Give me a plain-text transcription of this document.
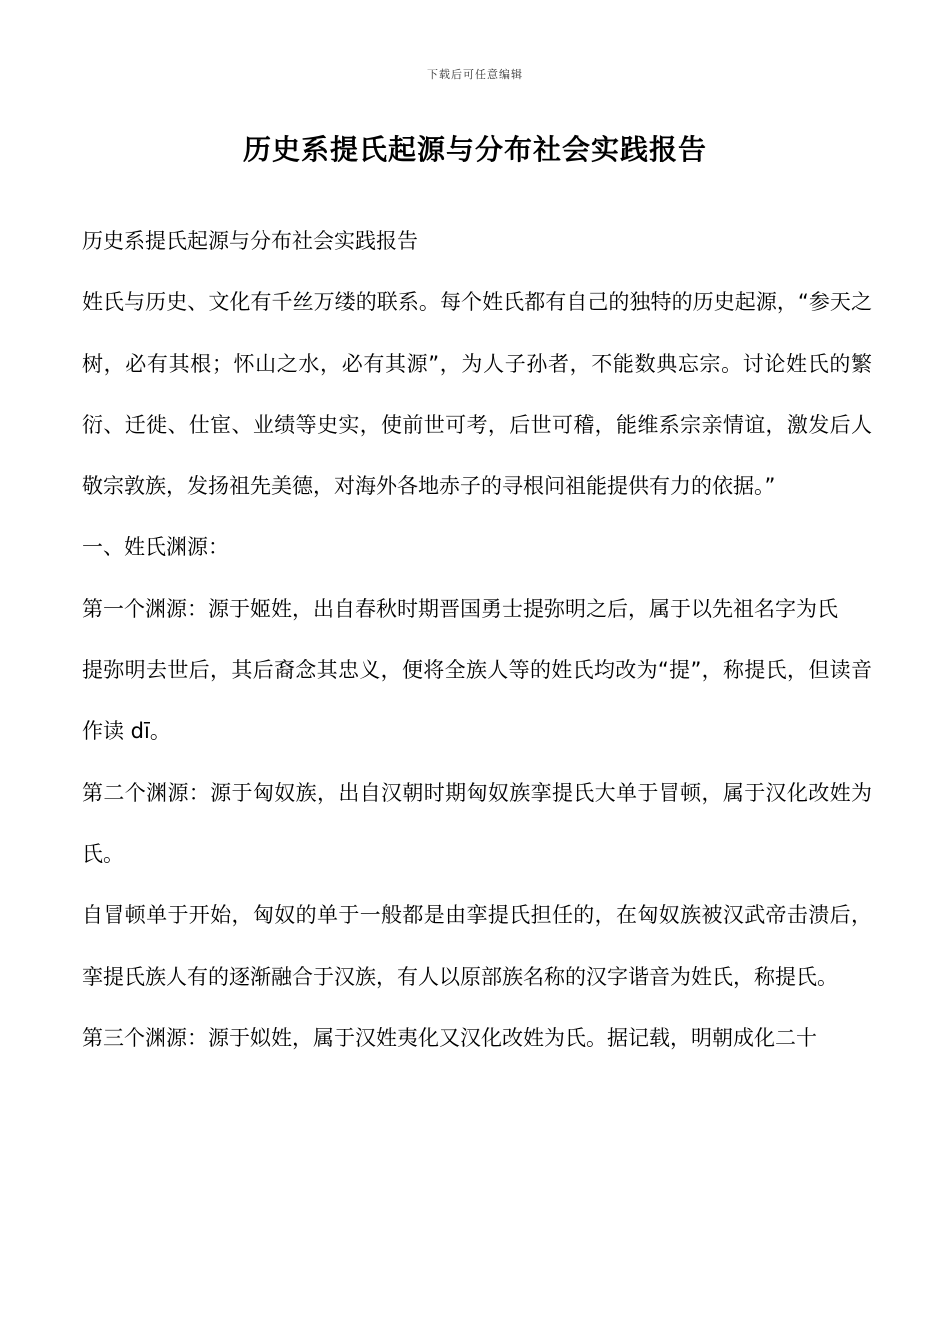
下载后可任意编辑
历史系提氏起源与分布社会实践报告

历史系提氏起源与分布社会实践报告

姓氏与历史、文化有千丝万缕的联系。每个姓氏都有自己的独特的历史起源，“参天之树，必有其根；怀山之水，必有其源”，为人子孙者，不能数典忘宗。讨论姓氏的繁衍、迁徙、仕宦、业绩等史实，使前世可考，后世可稽，能维系宗亲情谊，激发后人敬宗敦族，发扬祖先美德，对海外各地赤子的寻根问祖能提供有力的依据。”

一、姓氏渊源：

第一个渊源：源于姬姓，出自春秋时期晋国勇士提弥明之后，属于以先祖名字为氏

提弥明去世后，其后裔念其忠义，便将全族人等的姓氏均改为“提”，称提氏，但读音作读 dī。

第二个渊源：源于匈奴族，出自汉朝时期匈奴族挛提氏大单于冒顿，属于汉化改姓为氏。

自冒顿单于开始，匈奴的单于一般都是由挛提氏担任的，在匈奴族被汉武帝击溃后，挛提氏族人有的逐渐融合于汉族，有人以原部族名称的汉字谐音为姓氏，称提氏。

第三个渊源：源于姒姓，属于汉姓夷化又汉化改姓为氏。据记载，明朝成化二十
